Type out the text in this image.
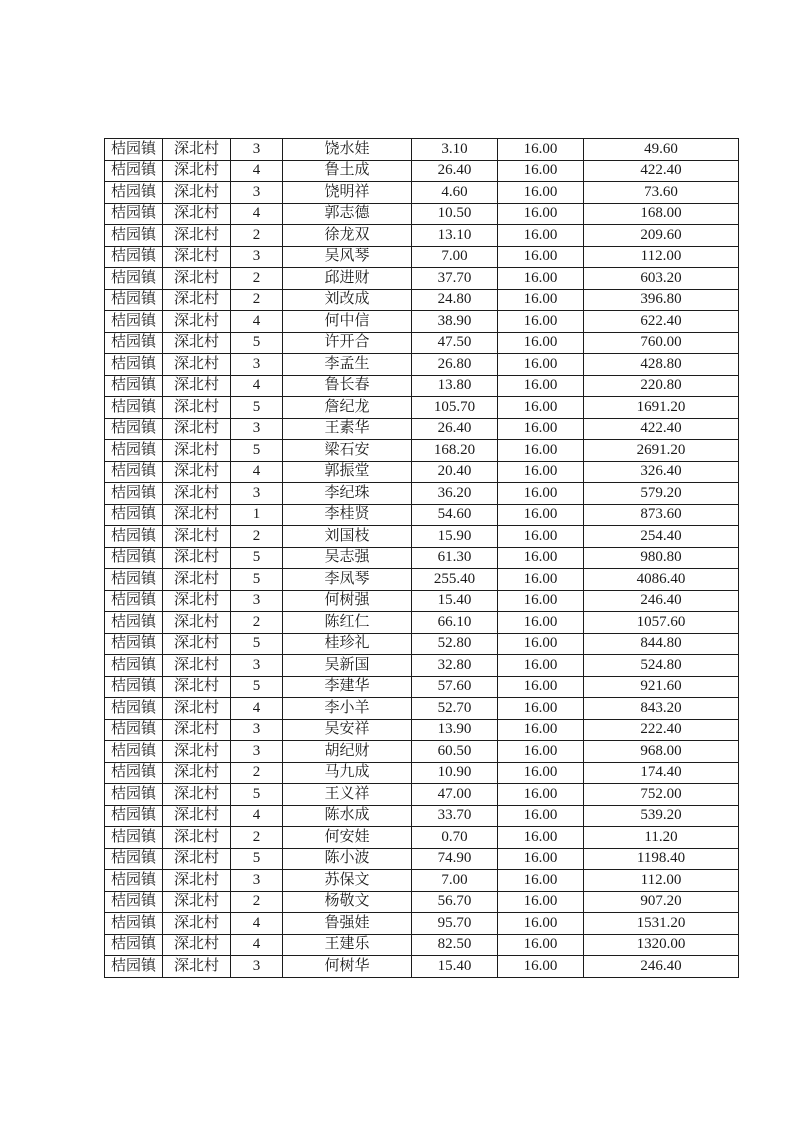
桔园镇	深北村	3	饶水娃	3.10	16.00	49.60
桔园镇	深北村	4	鲁土成	26.40	16.00	422.40
桔园镇	深北村	3	饶明祥	4.60	16.00	73.60
桔园镇	深北村	4	郭志德	10.50	16.00	168.00
桔园镇	深北村	2	徐龙双	13.10	16.00	209.60
桔园镇	深北村	3	吴风琴	7.00	16.00	112.00
桔园镇	深北村	2	邱进财	37.70	16.00	603.20
桔园镇	深北村	2	刘改成	24.80	16.00	396.80
桔园镇	深北村	4	何中信	38.90	16.00	622.40
桔园镇	深北村	5	许开合	47.50	16.00	760.00
桔园镇	深北村	3	李孟生	26.80	16.00	428.80
桔园镇	深北村	4	鲁长春	13.80	16.00	220.80
桔园镇	深北村	5	詹纪龙	105.70	16.00	1691.20
桔园镇	深北村	3	王素华	26.40	16.00	422.40
桔园镇	深北村	5	梁石安	168.20	16.00	2691.20
桔园镇	深北村	4	郭振堂	20.40	16.00	326.40
桔园镇	深北村	3	李纪珠	36.20	16.00	579.20
桔园镇	深北村	1	李桂贤	54.60	16.00	873.60
桔园镇	深北村	2	刘国枝	15.90	16.00	254.40
桔园镇	深北村	5	吴志强	61.30	16.00	980.80
桔园镇	深北村	5	李凤琴	255.40	16.00	4086.40
桔园镇	深北村	3	何树强	15.40	16.00	246.40
桔园镇	深北村	2	陈红仁	66.10	16.00	1057.60
桔园镇	深北村	5	桂珍礼	52.80	16.00	844.80
桔园镇	深北村	3	吴新国	32.80	16.00	524.80
桔园镇	深北村	5	李建华	57.60	16.00	921.60
桔园镇	深北村	4	李小羊	52.70	16.00	843.20
桔园镇	深北村	3	吴安祥	13.90	16.00	222.40
桔园镇	深北村	3	胡纪财	60.50	16.00	968.00
桔园镇	深北村	2	马九成	10.90	16.00	174.40
桔园镇	深北村	5	王义祥	47.00	16.00	752.00
桔园镇	深北村	4	陈水成	33.70	16.00	539.20
桔园镇	深北村	2	何安娃	0.70	16.00	11.20
桔园镇	深北村	5	陈小波	74.90	16.00	1198.40
桔园镇	深北村	3	苏保文	7.00	16.00	112.00
桔园镇	深北村	2	杨敬文	56.70	16.00	907.20
桔园镇	深北村	4	鲁强娃	95.70	16.00	1531.20
桔园镇	深北村	4	王建乐	82.50	16.00	1320.00
桔园镇	深北村	3	何树华	15.40	16.00	246.40
